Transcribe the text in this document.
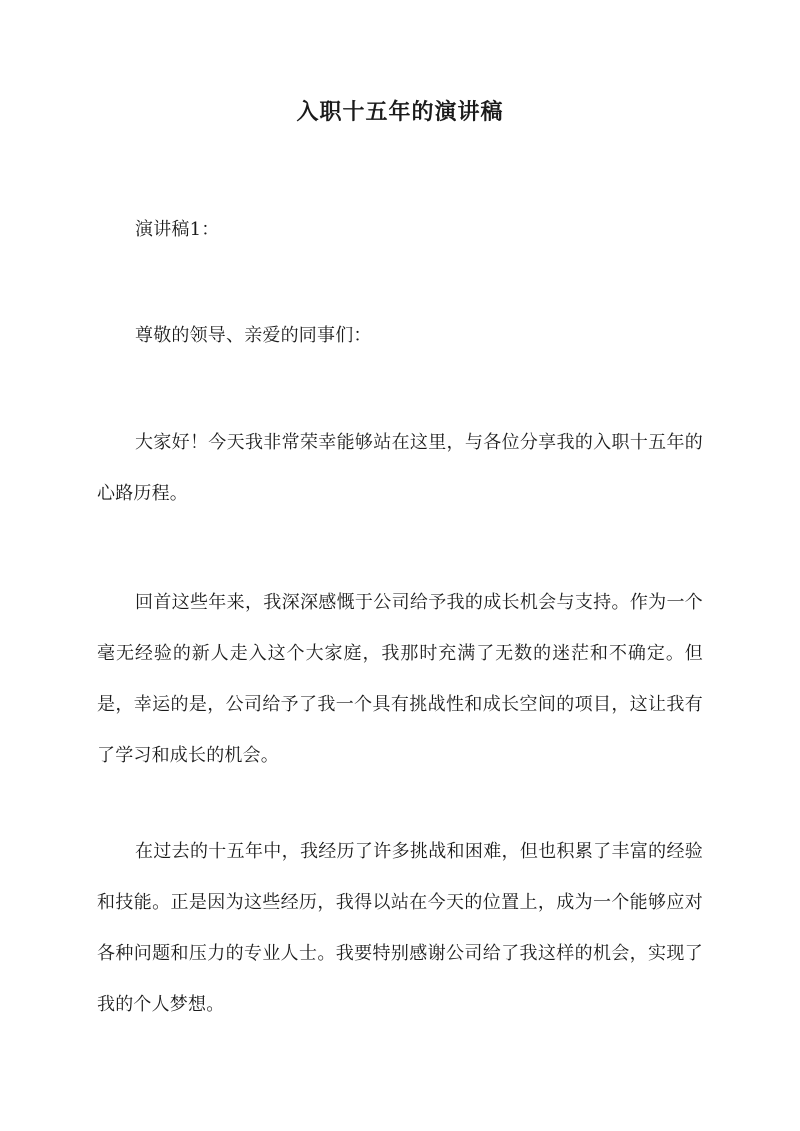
入职十五年的演讲稿

演讲稿1：

尊敬的领导、亲爱的同事们：

大家好！今天我非常荣幸能够站在这里，与各位分享我的入职十五年的心路历程。

回首这些年来，我深深感慨于公司给予我的成长机会与支持。作为一个毫无经验的新人走入这个大家庭，我那时充满了无数的迷茫和不确定。但是，幸运的是，公司给予了我一个具有挑战性和成长空间的项目，这让我有了学习和成长的机会。

在过去的十五年中，我经历了许多挑战和困难，但也积累了丰富的经验和技能。正是因为这些经历，我得以站在今天的位置上，成为一个能够应对各种问题和压力的专业人士。我要特别感谢公司给了我这样的机会，实现了我的个人梦想。
